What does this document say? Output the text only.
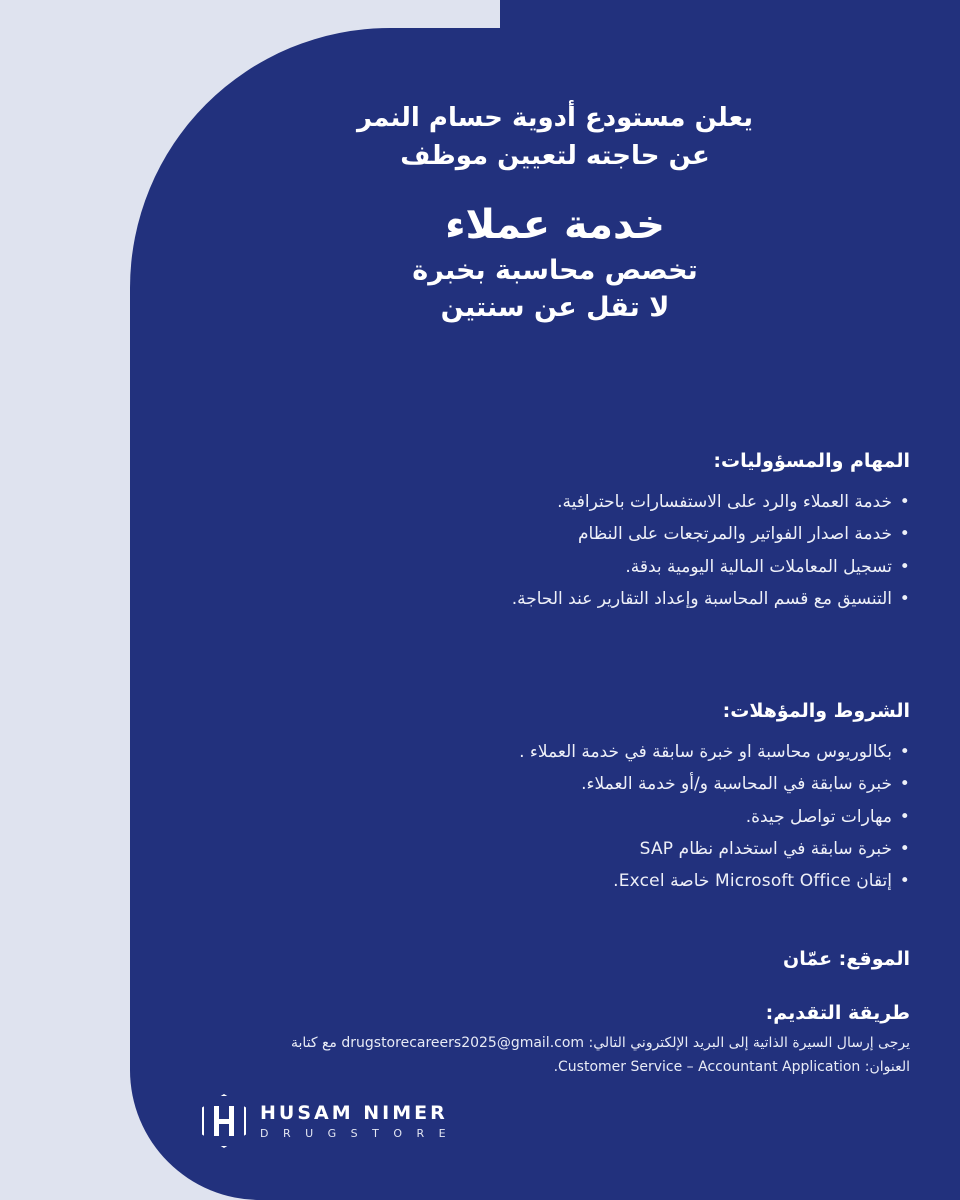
يعلن مستودع أدوية حسام النمر
عن حاجته لتعيين موظف
خدمة عملاء
تخصص محاسبة بخبرة
لا تقل عن سنتين
المهام والمسؤوليات:
• خدمة العملاء والرد على الاستفسارات باحترافية.
• خدمة اصدار الفواتير والمرتجعات على النظام
• تسجيل المعاملات المالية اليومية بدقة.
• التنسيق مع قسم المحاسبة وإعداد التقارير عند الحاجة.
الشروط والمؤهلات:
• بكالوريوس محاسبة او خبرة سابقة في خدمة العملاء .
• خبرة سابقة في المحاسبة و/أو خدمة العملاء.
• مهارات تواصل جيدة.
• خبرة سابقة في استخدام نظام SAP
• إتقان Microsoft Office خاصة Excel.
الموقع: عمّان
طريقة التقديم:
يرجى إرسال السيرة الذاتية إلى البريد الإلكتروني التالي: drugstorecareers2025@gmail.com مع كتابة
العنوان: Customer Service – Accountant Application.
HUSAM NIMER
D R U G S T O R E
